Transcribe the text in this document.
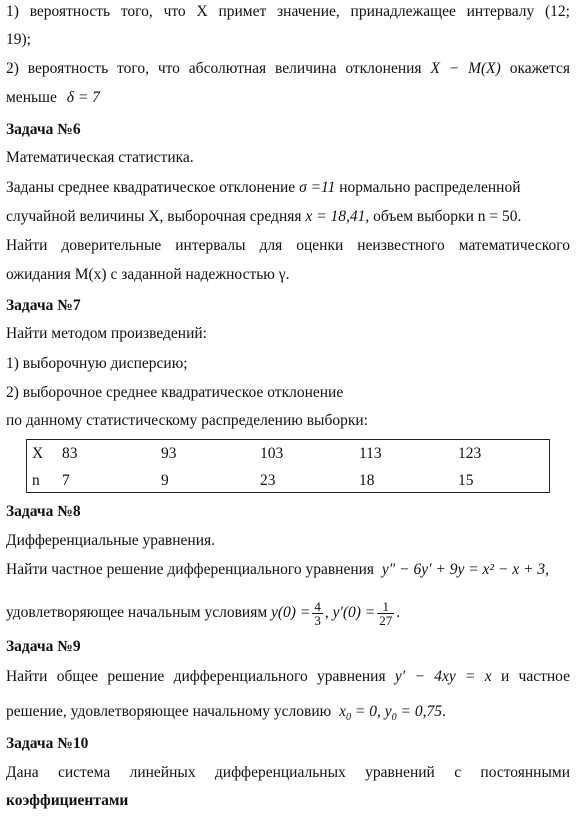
1) вероятность того, что X примет значение, принадлежащее интервалу (12;
19);
2) вероятность того, что абсолютная величина отклонения X − M(X) окажется
меньше δ = 7
Задача №6
Математическая статистика.
Заданы среднее квадратическое отклонение σ =11 нормально распределенной
случайной величины X, выборочная средняя x = 18,41, объем выборки n = 50.
Найти доверительные интервалы для оценки неизвестного математического
ожидания M(x) с заданной надежностью γ.
Задача №7
Найти методом произведений:
1) выборочную дисперсию;
2) выборочное среднее квадратическое отклонение
по данному статистическому распределению выборки:
X 83	93	103	113	123
n 7	9	23	18	15
Задача №8
Дифференциальные уравнения.
Найти частное решение дифференциального уравнения y″ − 6y′ + 9y = x² − x + 3,
удовлетворяющее начальным условиям $y(0) = \frac{4}{3}$ , $y'(0) = \frac{1}{27}$ .
Задача №9
Найти общее решение дифференциального уравнения y′ − 4xy = x и частное
решение, удовлетворяющее начальному условию $x_0 = 0$, $y_0 = 0,75$.
Задача №10
Дана система линейных дифференциальных уравнений с постоянными
коэффициентами
